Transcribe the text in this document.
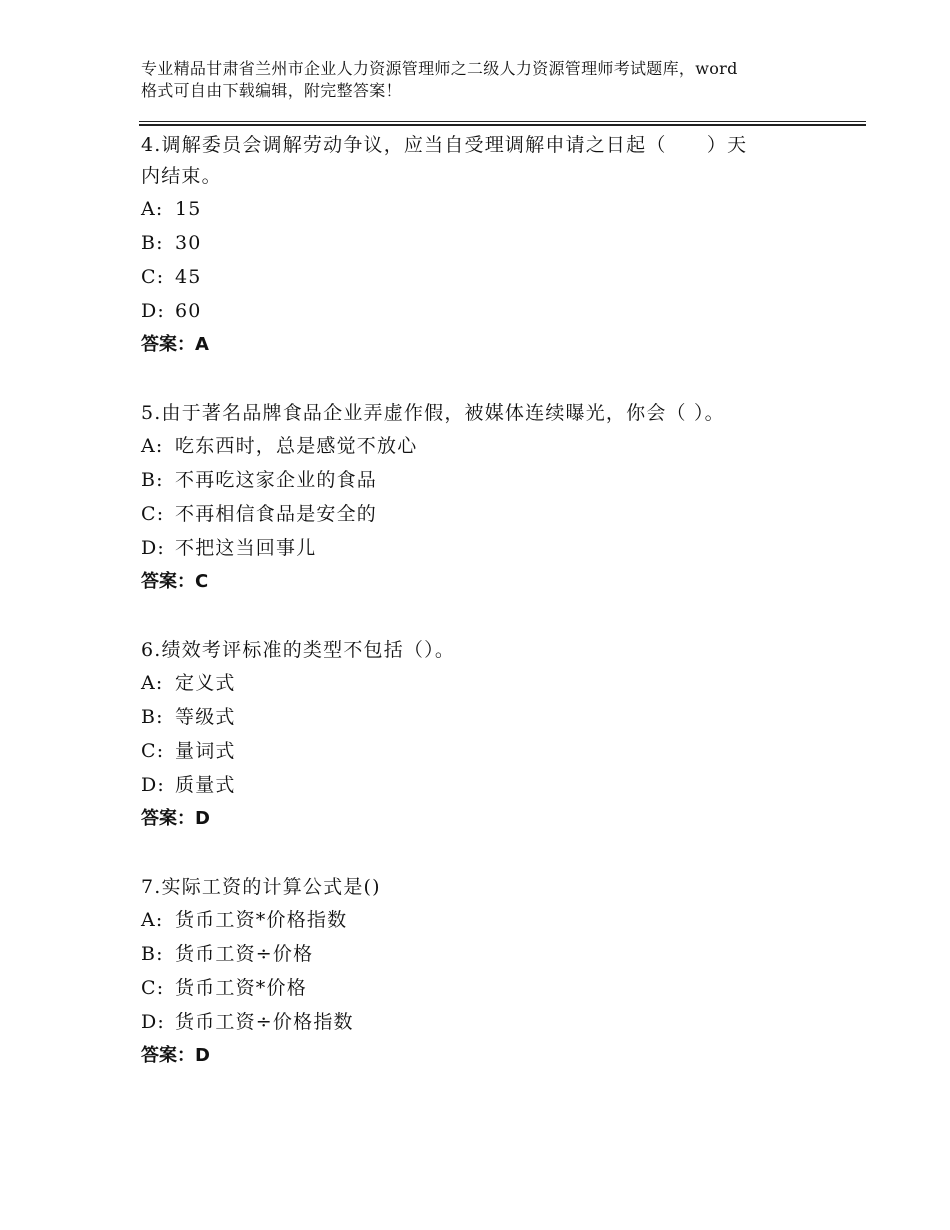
专业精品甘肃省兰州市企业人力资源管理师之二级人力资源管理师考试题库，word
格式可自由下载编辑，附完整答案！
4.调解委员会调解劳动争议，应当自受理调解申请之日起（　　）天
内结束。
A: 15
B: 30
C: 45
D: 60
答案：A
5.由于著名品牌食品企业弄虚作假，被媒体连续曝光，你会（ ）。
A: 吃东西时，总是感觉不放心
B: 不再吃这家企业的食品
C: 不再相信食品是安全的
D: 不把这当回事儿
答案：C
6.绩效考评标准的类型不包括（）。
A: 定义式
B: 等级式
C: 量词式
D: 质量式
答案：D
7.实际工资的计算公式是()
A: 货币工资*价格指数
B: 货币工资÷价格
C: 货币工资*价格
D: 货币工资÷价格指数
答案：D
